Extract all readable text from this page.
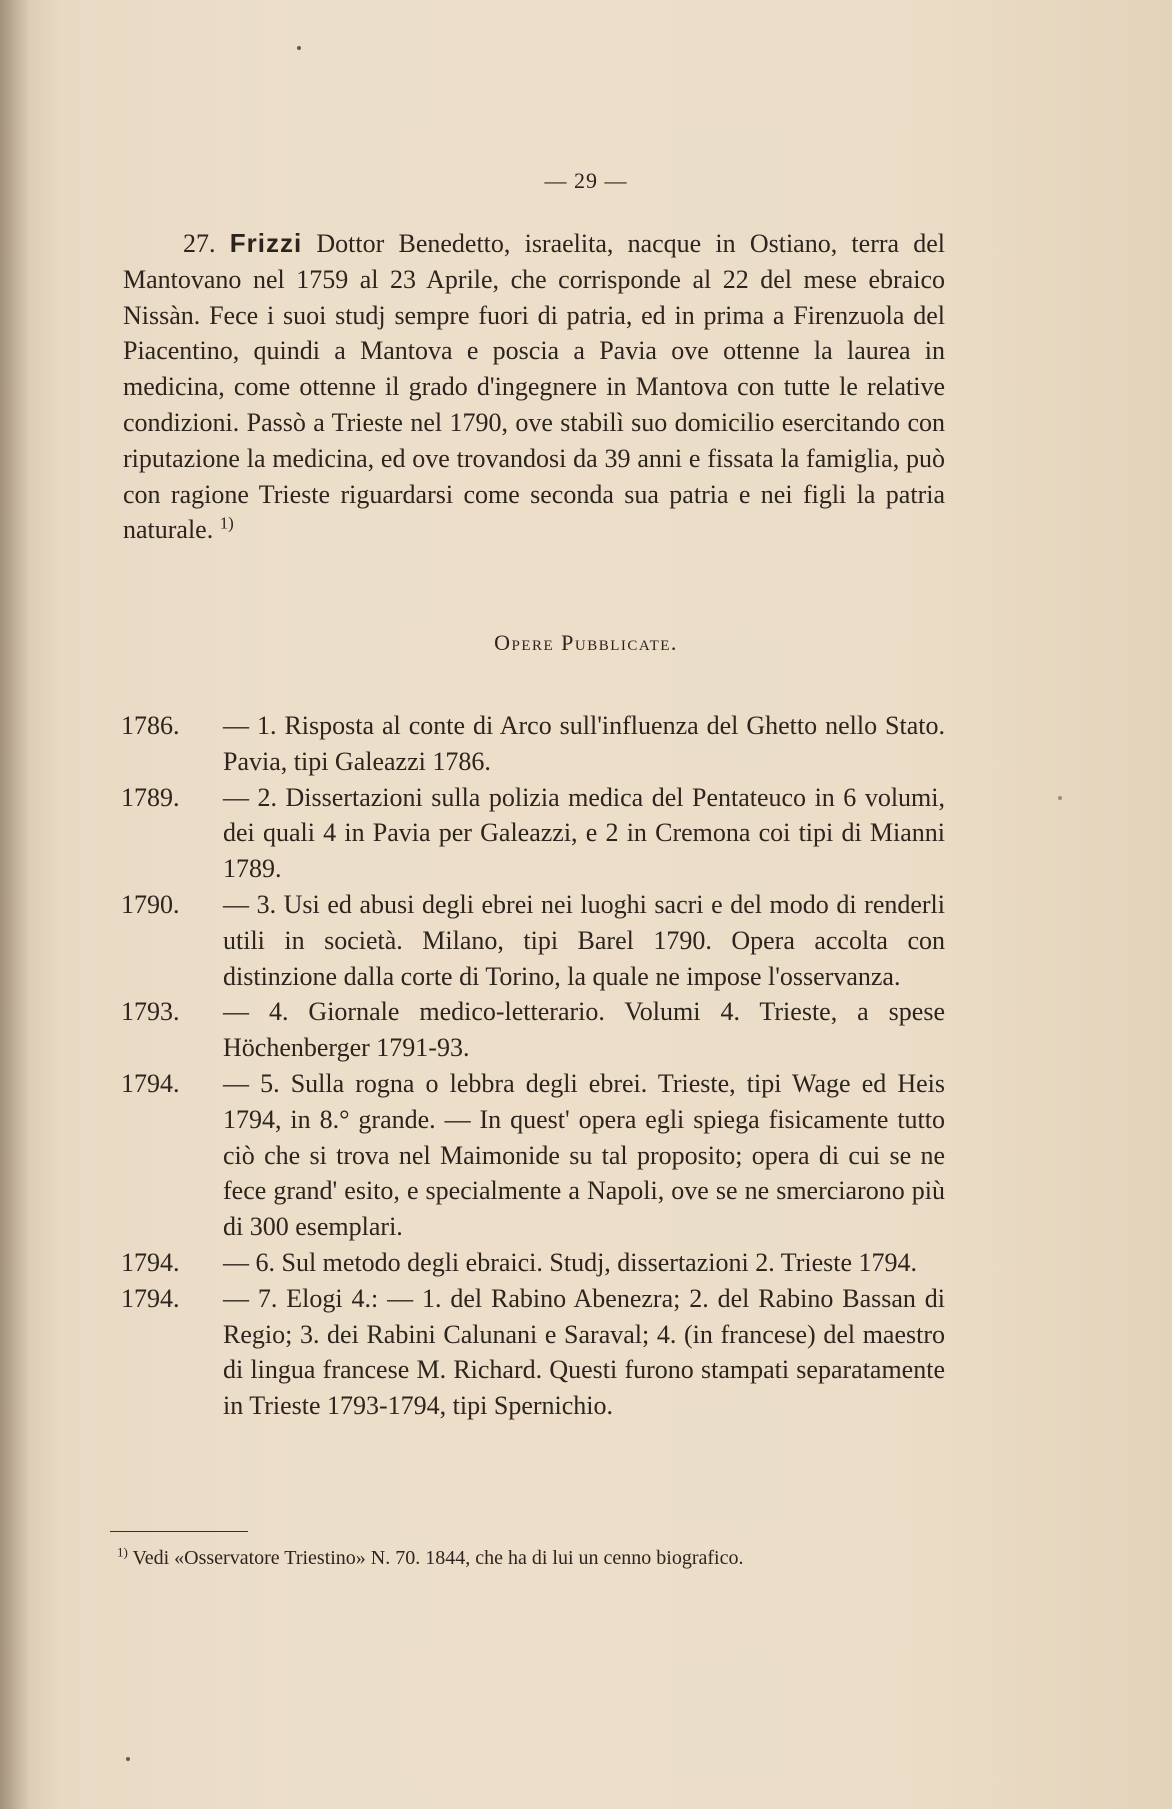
— 29 —
27. Frizzi Dottor Benedetto, israelita, nacque in Ostiano, terra del Mantovano nel 1759 al 23 Aprile, che corrisponde al 22 del mese ebraico Nissàn. Fece i suoi studj sempre fuori di patria, ed in prima a Firenzuola del Piacentino, quindi a Mantova e poscia a Pavia ove ottenne la laurea in medicina, come ottenne il grado d'ingegnere in Mantova con tutte le relative condizioni. Passò a Trieste nel 1790, ove stabilì suo domicilio esercitando con riputazione la medicina, ed ove trovandosi da 39 anni e fissata la famiglia, può con ragione Trieste riguardarsi come seconda sua patria e nei figli la patria naturale. $^{1)}$
Opere Pubblicate.
1786.	— 1. Risposta al conte di Arco sull'influenza del Ghetto nello Stato. Pavia, tipi Galeazzi 1786.
1789.	— 2. Dissertazioni sulla polizia medica del Pentateuco in 6 volumi, dei quali 4 in Pavia per Galeazzi, e 2 in Cremona coi tipi di Mianni 1789.
1790.	— 3. Usi ed abusi degli ebrei nei luoghi sacri e del modo di renderli utili in società. Milano, tipi Barel 1790. Opera accolta con distinzione dalla corte di Torino, la quale ne impose l'osservanza.
1793.	— 4. Giornale medico-letterario. Volumi 4. Trieste, a spese Höchenberger 1791-93.
1794.	— 5. Sulla rogna o lebbra degli ebrei. Trieste, tipi Wage ed Heis 1794, in 8.° grande. — In quest' opera egli spiega fisicamente tutto ciò che si trova nel Maimonide su tal proposito; opera di cui se ne fece grand' esito, e specialmente a Napoli, ove se ne smerciarono più di 300 esemplari.
1794.	— 6. Sul metodo degli ebraici. Studj, dissertazioni 2. Trieste 1794.
1794.	— 7. Elogi 4.: — 1. del Rabino Abenezra; 2. del Rabino Bassan di Regio; 3. dei Rabini Calunani e Saraval; 4. (in francese) del maestro di lingua francese M. Richard. Questi furono stampati separatamente in Trieste 1793-1794, tipi Spernichio.
$^{1)}$ Vedi «Osservatore Triestino» N. 70. 1844, che ha di lui un cenno biografico.
